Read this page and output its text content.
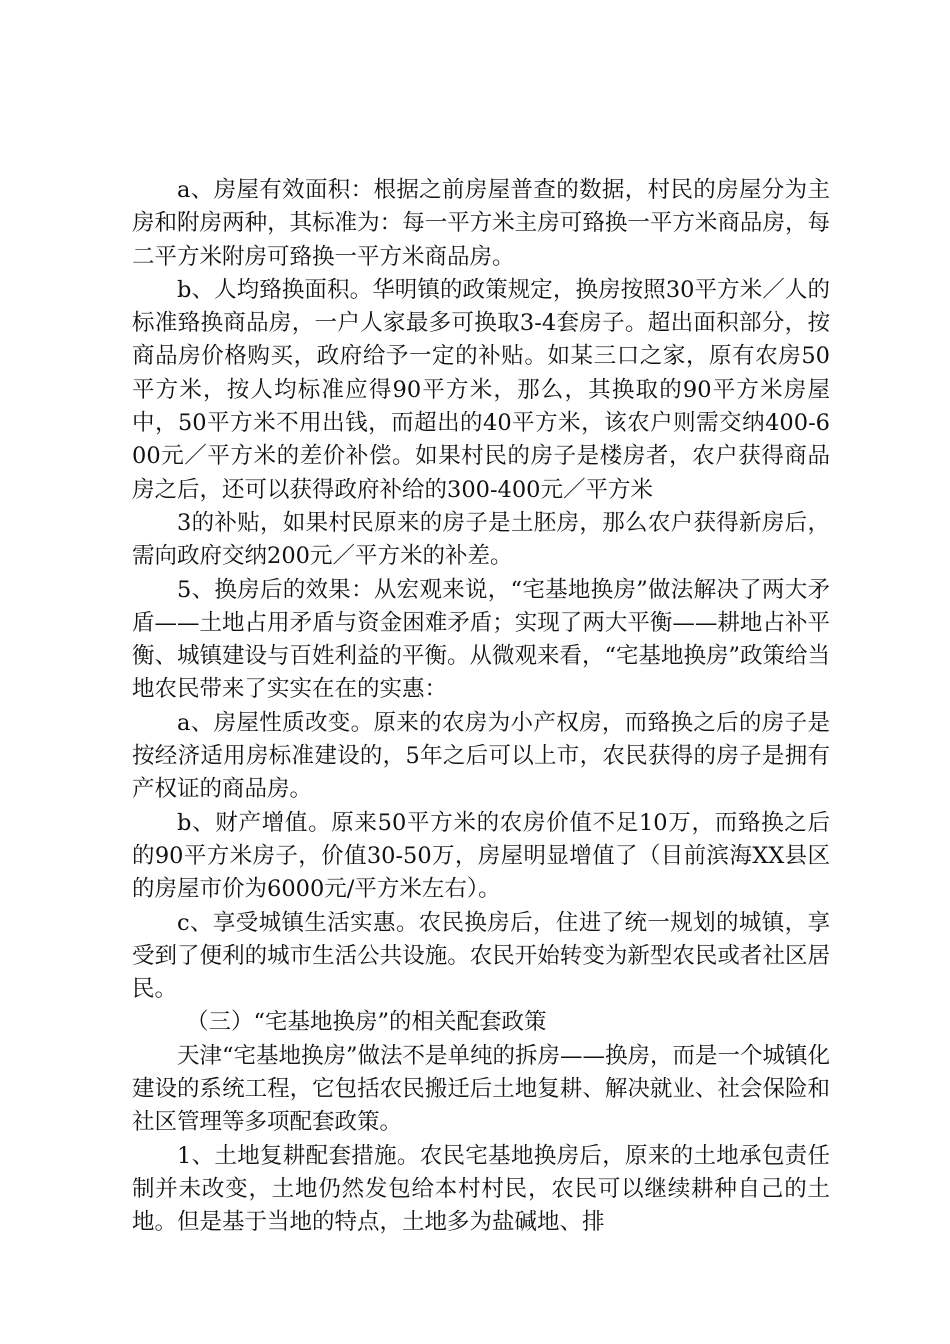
a、房屋有效面积：根据之前房屋普查的数据，村民的房屋分为主房和附房两种，其标准为：每一平方米主房可臵换一平方米商品房，每二平方米附房可臵换一平方米商品房。

b、人均臵换面积。华明镇的政策规定，换房按照30平方米／人的标准臵换商品房，一户人家最多可换取3-4套房子。超出面积部分，按商品房价格购买，政府给予一定的补贴。如某三口之家，原有农房50平方米，按人均标准应得90平方米，那么，其换取的90平方米房屋中，50平方米不用出钱，而超出的40平方米，该农户则需交纳400-600元／平方米的差价补偿。如果村民的房子是楼房者，农户获得商品房之后，还可以获得政府补给的300-400元／平方米

3的补贴，如果村民原来的房子是土胚房，那么农户获得新房后，需向政府交纳200元／平方米的补差。

5、换房后的效果：从宏观来说，“宅基地换房”做法解决了两大矛盾——土地占用矛盾与资金困难矛盾；实现了两大平衡——耕地占补平衡、城镇建设与百姓利益的平衡。从微观来看，“宅基地换房”政策给当地农民带来了实实在在的实惠：

a、房屋性质改变。原来的农房为小产权房，而臵换之后的房子是按经济适用房标准建设的，5年之后可以上市，农民获得的房子是拥有产权证的商品房。

b、财产增值。原来50平方米的农房价值不足10万，而臵换之后的90平方米房子，价值30-50万，房屋明显增值了（目前滨海XX县区的房屋市价为6000元/平方米左右）。

c、享受城镇生活实惠。农民换房后，住进了统一规划的城镇，享受到了便利的城市生活公共设施。农民开始转变为新型农民或者社区居民。

（三）“宅基地换房”的相关配套政策

天津“宅基地换房”做法不是单纯的拆房——换房，而是一个城镇化建设的系统工程，它包括农民搬迁后土地复耕、解决就业、社会保险和社区管理等多项配套政策。

1、土地复耕配套措施。农民宅基地换房后，原来的土地承包责任制并未改变，土地仍然发包给本村村民，农民可以继续耕种自己的土地。但是基于当地的特点，土地多为盐碱地、排
